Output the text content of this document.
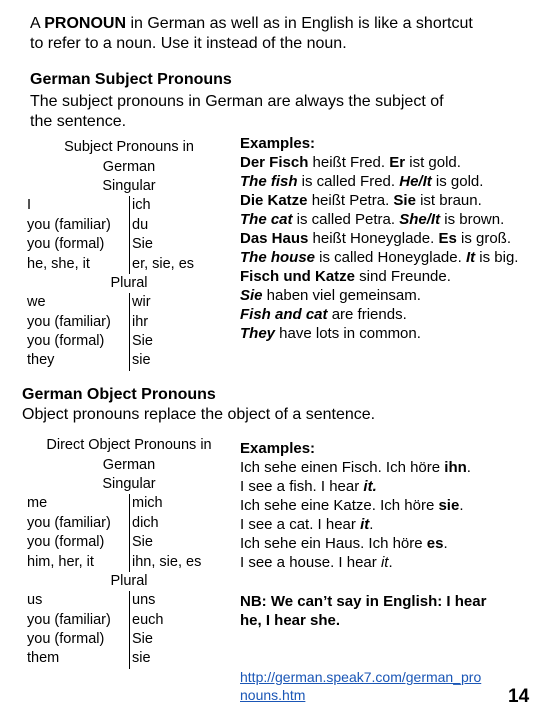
A PRONOUN in German as well as in English is like a shortcut
to refer to a noun. Use it instead of the noun.
German Subject Pronouns
The subject pronouns in German are always the subject of
the sentence.
Subject Pronouns in	
German	
Singular	
I	ich
you (familiar)	du
you (formal)	Sie
he, she, it	er, sie, es
Plural	
we	wir
you (familiar)	ihr
you (formal)	Sie
they	sie
Examples:
Der Fisch heißt Fred. Er ist gold.
The fish is called Fred. He/It is gold.
Die Katze heißt Petra. Sie ist braun.
The cat is called Petra. She/It is brown.
Das Haus heißt Honeyglade. Es is groß.
The house is called Honeyglade. It is big.
Fisch und Katze sind Freunde.
Sie haben viel gemeinsam.
Fish and cat are friends.
They have lots in common.
German Object Pronouns
Object pronouns replace the object of a sentence.
Direct Object Pronouns in	
German	
Singular	
me	mich
you (familiar)	dich
you (formal)	Sie
him, her, it	ihn, sie, es
Plural	
us	uns
you (familiar)	euch
you (formal)	Sie
them	sie
Examples:
Ich sehe einen Fisch. Ich höre ihn.
I see a fish. I hear it.
Ich sehe eine Katze. Ich höre sie.
I see a cat. I hear it.
Ich sehe ein Haus. Ich höre es.
I see a house. I hear it.
NB: We can’t say in English: I hear
he, I hear she.
http://german.speak7.com/german_pro
nouns.htm	14
